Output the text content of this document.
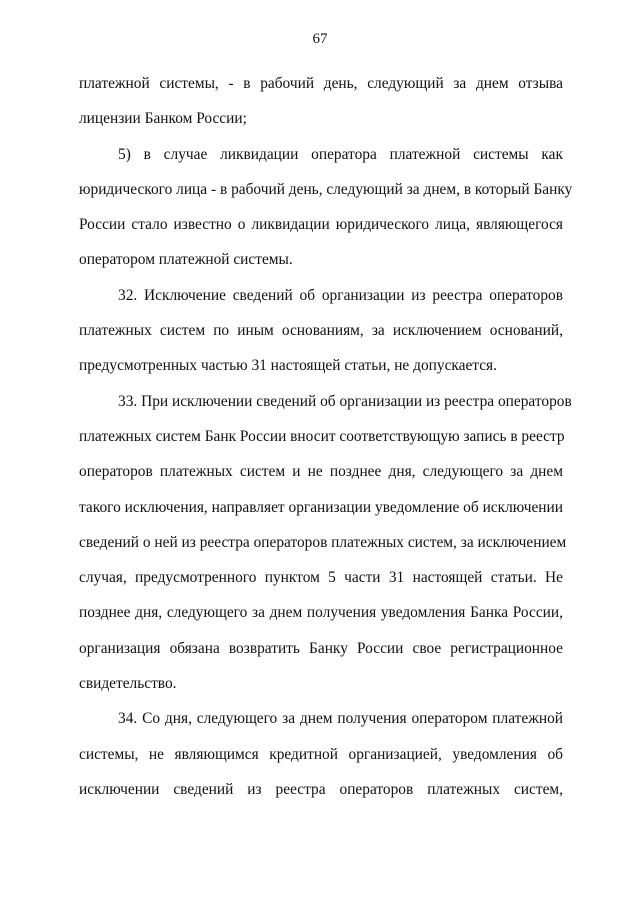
67
платежной системы, - в рабочий день, следующий за днем отзыва
лицензии Банком России;
5) в случае ликвидации оператора платежной системы как
юридического лица - в рабочий день, следующий за днем, в который Банку
России стало известно о ликвидации юридического лица, являющегося
оператором платежной системы.
32. Исключение сведений об организации из реестра операторов
платежных систем по иным основаниям, за исключением оснований,
предусмотренных частью 31 настоящей статьи, не допускается.
33. При исключении сведений об организации из реестра операторов
платежных систем Банк России вносит соответствующую запись в реестр
операторов платежных систем и не позднее дня, следующего за днем
такого исключения, направляет организации уведомление об исключении
сведений о ней из реестра операторов платежных систем, за исключением
случая, предусмотренного пунктом 5 части 31 настоящей статьи. Не
позднее дня, следующего за днем получения уведомления Банка России,
организация обязана возвратить Банку России свое регистрационное
свидетельство.
34. Со дня, следующего за днем получения оператором платежной
системы, не являющимся кредитной организацией, уведомления об
исключении сведений из реестра операторов платежных систем,
